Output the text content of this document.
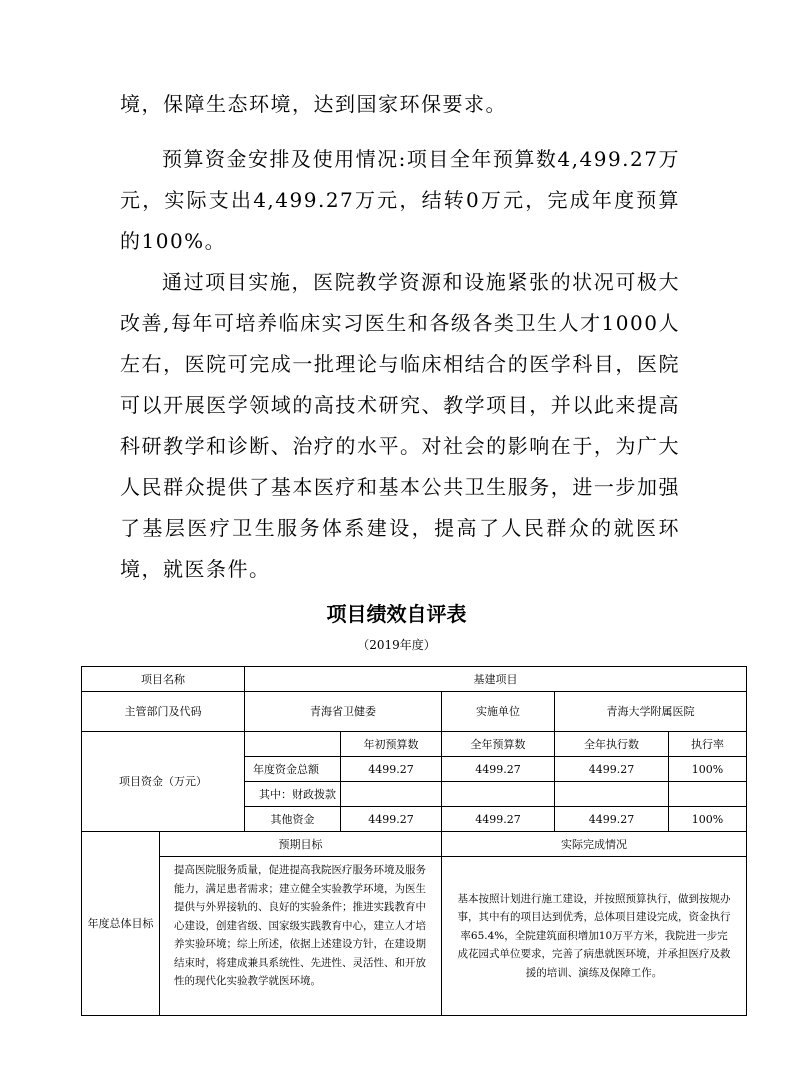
境，保障生态环境，达到国家环保要求。
预算资金安排及使用情况:项目全年预算数4,499.27万元，实际支出4,499.27万元，结转0万元，完成年度预算的100%。
通过项目实施，医院教学资源和设施紧张的状况可极大改善,每年可培养临床实习医生和各级各类卫生人才1000人左右，医院可完成一批理论与临床相结合的医学科目，医院可以开展医学领域的高技术研究、教学项目，并以此来提高科研教学和诊断、治疗的水平。对社会的影响在于，为广大人民群众提供了基本医疗和基本公共卫生服务，进一步加强了基层医疗卫生服务体系建设，提高了人民群众的就医环境，就医条件。
项目绩效自评表
（2019年度）
项目名称		基建项目				
主管部门及代码		青海省卫健委		实施单位	青海大学附属医院	
项目资金（万元）			年初预算数	全年预算数	全年执行数	执行率
		年度资金总额	4499.27	4499.27	4499.27	100%
		其中：财政拨款				
		其他资金	4499.27	4499.27	4499.27	100%
年度总体目标	预期目标			实际完成情况		
	提高医院服务质量，促进提高我院医疗服务环境及服务能力，满足患者需求；建立健全实验教学环境，为医生提供与外界接轨的、良好的实验条件；推进实践教育中心建设，创建省级、国家级实践教育中心，建立人才培养实验环境；综上所述，依据上述建设方针，在建设期结束时，将建成兼具系统性、先进性、灵活性、和开放性的现代化实验教学就医环境。			基本按照计划进行施工建设，并按照预算执行，做到按规办事，其中有的项目达到优秀，总体项目建设完成，资金执行率65.4%，全院建筑面积增加10万平方米，我院进一步完成花园式单位要求，完善了病患就医环境，并承担医疗及救援的培训、演练及保障工作。		
